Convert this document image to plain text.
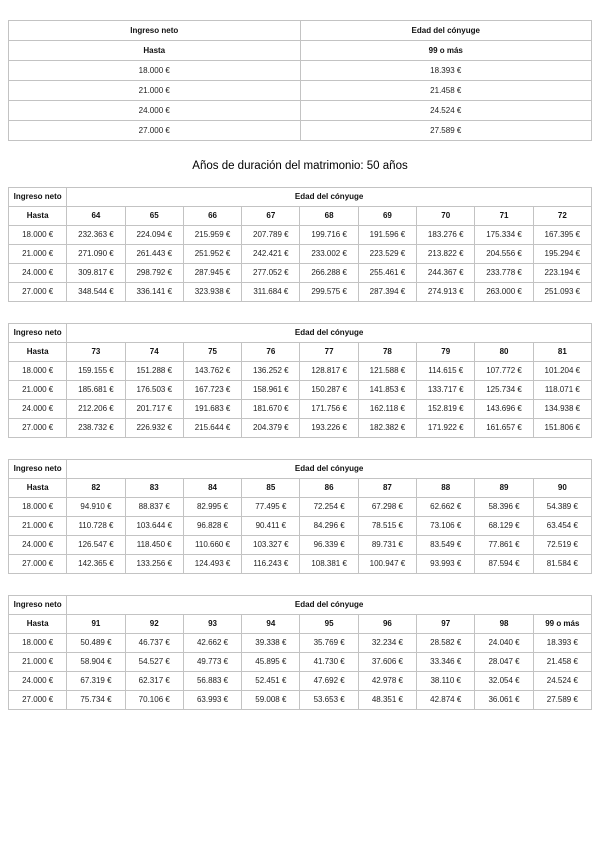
Ingreso neto	Edad del cónyuge
Hasta	99 o más
18.000 €	18.393 €
21.000 €	21.458 €
24.000 €	24.524 €
27.000 €	27.589 €
Años de duración del matrimonio: 50 años
Ingreso neto	Edad del cónyuge								
Hasta	64	65	66	67	68	69	70	71	72
18.000 €	232.363 €	224.094 €	215.959 €	207.789 €	199.716 €	191.596 €	183.276 €	175.334 €	167.395 €
21.000 €	271.090 €	261.443 €	251.952 €	242.421 €	233.002 €	223.529 €	213.822 €	204.556 €	195.294 €
24.000 €	309.817 €	298.792 €	287.945 €	277.052 €	266.288 €	255.461 €	244.367 €	233.778 €	223.194 €
27.000 €	348.544 €	336.141 €	323.938 €	311.684 €	299.575 €	287.394 €	274.913 €	263.000 €	251.093 €
Ingreso neto	Edad del cónyuge								
Hasta	73	74	75	76	77	78	79	80	81
18.000 €	159.155 €	151.288 €	143.762 €	136.252 €	128.817 €	121.588 €	114.615 €	107.772 €	101.204 €
21.000 €	185.681 €	176.503 €	167.723 €	158.961 €	150.287 €	141.853 €	133.717 €	125.734 €	118.071 €
24.000 €	212.206 €	201.717 €	191.683 €	181.670 €	171.756 €	162.118 €	152.819 €	143.696 €	134.938 €
27.000 €	238.732 €	226.932 €	215.644 €	204.379 €	193.226 €	182.382 €	171.922 €	161.657 €	151.806 €
Ingreso neto	Edad del cónyuge								
Hasta	82	83	84	85	86	87	88	89	90
18.000 €	94.910 €	88.837 €	82.995 €	77.495 €	72.254 €	67.298 €	62.662 €	58.396 €	54.389 €
21.000 €	110.728 €	103.644 €	96.828 €	90.411 €	84.296 €	78.515 €	73.106 €	68.129 €	63.454 €
24.000 €	126.547 €	118.450 €	110.660 €	103.327 €	96.339 €	89.731 €	83.549 €	77.861 €	72.519 €
27.000 €	142.365 €	133.256 €	124.493 €	116.243 €	108.381 €	100.947 €	93.993 €	87.594 €	81.584 €
Ingreso neto	Edad del cónyuge								
Hasta	91	92	93	94	95	96	97	98	99 o más
18.000 €	50.489 €	46.737 €	42.662 €	39.338 €	35.769 €	32.234 €	28.582 €	24.040 €	18.393 €
21.000 €	58.904 €	54.527 €	49.773 €	45.895 €	41.730 €	37.606 €	33.346 €	28.047 €	21.458 €
24.000 €	67.319 €	62.317 €	56.883 €	52.451 €	47.692 €	42.978 €	38.110 €	32.054 €	24.524 €
27.000 €	75.734 €	70.106 €	63.993 €	59.008 €	53.653 €	48.351 €	42.874 €	36.061 €	27.589 €
